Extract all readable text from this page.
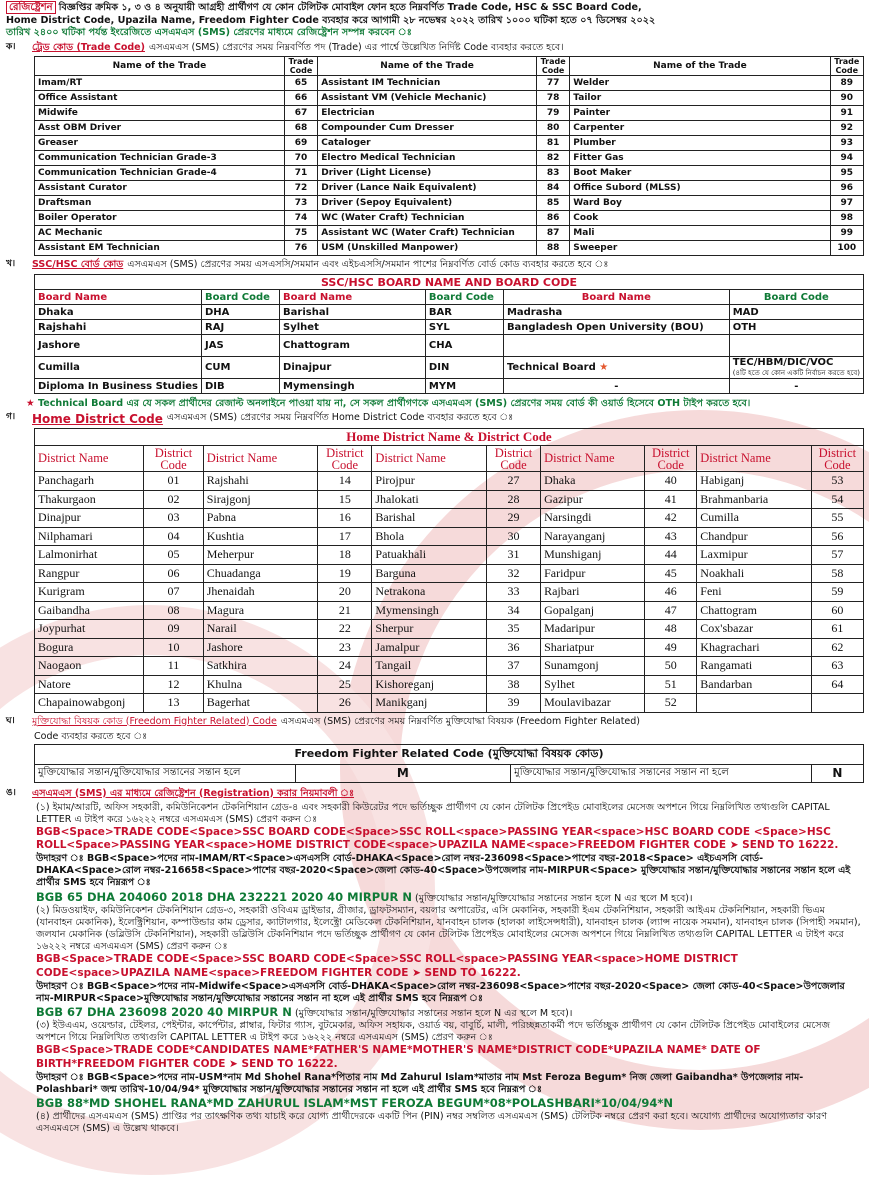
রেজিষ্ট্রেশন বিজ্ঞপ্তির ক্রমিক ১, ৩ ও ৪ অনুযায়ী আগ্রহী প্রার্থীগণ যে কোন টেলিটক মোবাইল ফোন হতে নিম্নবর্ণিত Trade Code, HSC & SSC Board Code,
Home District Code, Upazila Name, Freedom Fighter Code ব্যবহার করে আগামী ২৮ নভেম্বর ২০২২ তারিখ ১০০০ ঘটিকা হতে ০৭ ডিসেম্বর ২০২২
তারিখ ২৪০০ ঘটিকা পর্যন্ত ইংরেজিতে এসএমএস (SMS) প্রেরণের মাধ্যমে রেজিষ্ট্রেশন সম্পন্ন করবেন ঃ
ক।	ট্রেড কোড (Trade Code) এসএমএস (SMS) প্রেরণের সময় নিম্নবর্ণিত পদ (Trade) এর পার্শ্বে উল্লেখিত নির্দিষ্ট Code ব্যবহার করতে হবে।
Name of the Trade	Trade Code	Name of the Trade	Trade Code	Name of the Trade	Trade Code
Imam/RT	65	Assistant IM Technician	77	Welder	89
Office Assistant	66	Assistant VM (Vehicle Mechanic)	78	Tailor	90
Midwife	67	Electrician	79	Painter	91
Asst OBM Driver	68	Compounder Cum Dresser	80	Carpenter	92
Greaser	69	Cataloger	81	Plumber	93
Communication Technician Grade-3	70	Electro Medical Technician	82	Fitter Gas	94
Communication Technician Grade-4	71	Driver (Light License)	83	Boot Maker	95
Assistant Curator	72	Driver (Lance Naik Equivalent)	84	Office Subord (MLSS)	96
Draftsman	73	Driver (Sepoy Equivalent)	85	Ward Boy	97
Boiler Operator	74	WC (Water Craft) Technician	86	Cook	98
AC Mechanic	75	Assistant WC (Water Craft) Technician	87	Mali	99
Assistant EM Technician	76	USM (Unskilled Manpower)	88	Sweeper	100
খ।	SSC/HSC বোর্ড কোড এসএমএস (SMS) প্রেরণের সময় এসএসসি/সমমান এবং এইচএসসি/সমমান পাশের নিম্নবর্ণিত বোর্ড কোড ব্যবহার করতে হবে ঃ
SSC/HSC BOARD NAME AND BOARD CODE					
Board Name	Board Code	Board Name	Board Code	Board Name	Board Code
Dhaka	DHA	Barishal	BAR	Madrasha	MAD
Rajshahi	RAJ	Sylhet	SYL	Bangladesh Open University (BOU)	OTH
Jashore	JAS	Chattogram	CHA		
Cumilla	CUM	Dinajpur	DIN	Technical Board ★	TEC/HBM/DIC/VOC
(৪টি হতে যে কোন একটি নির্বাচন করতে হবে)

Diploma In Business Studies	DIB	Mymensingh	MYM	-	-
★ Technical Board এর যে সকল প্রার্থীদের রেজাল্ট অনলাইনে পাওয়া যায় না, সে সকল প্রার্থীগণকে এসএমএস (SMS) প্রেরণের সময় বোর্ড কী ওয়ার্ড হিসেবে OTH টাইপ করতে হবে।
গ।	Home District Code এসএমএস (SMS) প্রেরণের সময় নিম্নবর্ণিত Home District Code ব্যবহার করতে হবে ঃ
Home District Name & District Code									
District Name	District Code	District Name	District Code	District Name	District Code	District Name	District Code	District Name	District Code
Panchagarh	01	Rajshahi	14	Pirojpur	27	Dhaka	40	Habiganj	53
Thakurgaon	02	Sirajgonj	15	Jhalokati	28	Gazipur	41	Brahmanbaria	54
Dinajpur	03	Pabna	16	Barishal	29	Narsingdi	42	Cumilla	55
Nilphamari	04	Kushtia	17	Bhola	30	Narayanganj	43	Chandpur	56
Lalmonirhat	05	Meherpur	18	Patuakhali	31	Munshiganj	44	Laxmipur	57
Rangpur	06	Chuadanga	19	Barguna	32	Faridpur	45	Noakhali	58
Kurigram	07	Jhenaidah	20	Netrakona	33	Rajbari	46	Feni	59
Gaibandha	08	Magura	21	Mymensingh	34	Gopalganj	47	Chattogram	60
Joypurhat	09	Narail	22	Sherpur	35	Madaripur	48	Cox'sbazar	61
Bogura	10	Jashore	23	Jamalpur	36	Shariatpur	49	Khagrachari	62
Naogaon	11	Satkhira	24	Tangail	37	Sunamgonj	50	Rangamati	63
Natore	12	Khulna	25	Kishoreganj	38	Sylhet	51	Bandarban	64
Chapainowabgonj	13	Bagerhat	26	Manikganj	39	Moulavibazar	52		
ঘ।	মুক্তিযোদ্ধা বিষয়ক কোড (Freedom Fighter Related) Code এসএমএস (SMS) প্রেরণের সময় নিম্নবর্ণিত মুক্তিযোদ্ধা বিষয়ক (Freedom Fighter Related)
Code ব্যবহার করতে হবে ঃ
Freedom Fighter Related Code (মুক্তিযোদ্ধা বিষয়ক কোড)
মুক্তিযোদ্ধার সন্তান/মুক্তিযোদ্ধার সন্তানের সন্তান হলে	M	মুক্তিযোদ্ধার সন্তান/মুক্তিযোদ্ধার সন্তানের সন্তান না হলে	N
ঙ।	এসএমএস (SMS) এর মাধ্যমে রেজিষ্ট্রেশন (Registration) করার নিয়মাবলী ঃ
(১) ইমাম/আরটি, অফিস সহকারী, কমিউনিকেশন টেকনিশিয়ান গ্রেড-৪ এবং সহকারী কিউরেটর পদে ভর্তিচ্ছুক প্রার্থীগণ যে কোন টেলিটক প্রিপেইড মোবাইলের মেসেজ অপশনে গিয়ে নিম্নলিখিত তথ্যগুলি CAPITAL LETTER এ টাইপ করে ১৬২২২ নম্বরে এসএমএস (SMS) প্রেরণ করুন ঃ
BGB<Space>TRADE CODE<Space>SSC BOARD CODE<Space>SSC ROLL<space>PASSING YEAR<space>HSC BOARD CODE <Space>HSC ROLL<Space>PASSING YEAR<space>HOME DISTRICT CODE<space>UPAZILA NAME<space>FREEDOM FIGHTER CODE ➤ SEND TO 16222.
উদাহরণ ঃ BGB<Space>পদের নাম-IMAM/RT<Space>এসএসসি বোর্ড-DHAKA<Space>রোল নম্বর-236098<Space>পাশের বছর-2018<Space> এইচএসসি বোর্ড-DHAKA<Space>রোল নম্বর-216658<Space>পাশের বছর-2020<Space>জেলা কোড-40<Space>উপজেলার নাম-MIRPUR<Space> মুক্তিযোদ্ধার সন্তান/মুক্তিযোদ্ধার সন্তানের সন্তান হলে এই প্রার্থীর SMS হবে নিম্নরূপ ঃ
BGB 65 DHA 204060 2018 DHA 232221 2020 40 MIRPUR N (মুক্তিযোদ্ধার সন্তান/মুক্তিযোদ্ধার সন্তানের সন্তান হলে N এর স্থলে M হবে)।
(২) মিডওয়াইফ, কমিউনিকেশন টেকনিশিয়ান গ্রেড-৩, সহকারী ওবিএম ড্রাইভার, গ্রীজার, ড্রাফটসম্যান, বয়লার অপারেটর, এসি মেকানিক, সহকারী ইএম টেকনিশিয়ান, সহকারী আইএম টেকনিশিয়ান, সহকারী ভিএম (যানবাহন মেকানিক), ইলেক্ট্রিশিয়ান, কম্পাউন্ডার কাম ড্রেসার, ক্যাটালগার, ইলেক্ট্রো মেডিকেল টেকনিশিয়ান, যানবাহন চালক (হালকা লাইসেন্সধারী), যানবাহন চালক (ল্যান্স নায়েক সমমান), যানবাহন চালক (সিপাহী সমমান), জলযান মেকানিক (ডব্লিউসি টেকনিশিয়ান), সহকারী ডব্লিউসি টেকনিশিয়ান পদে ভর্তিচ্ছুক প্রার্থীগণ যে কোন টেলিটক প্রিপেইড মোবাইলের মেসেজ অপশনে গিয়ে নিম্নলিখিত তথ্যগুলি CAPITAL LETTER এ টাইপ করে ১৬২২২ নম্বরে এসএমএস (SMS) প্রেরণ করুন ঃ
BGB<Space>TRADE CODE<Space>SSC BOARD CODE<Space>SSC ROLL<space>PASSING YEAR<space>HOME DISTRICT CODE<space>UPAZILA NAME<space>FREEDOM FIGHTER CODE ➤ SEND TO 16222.
উদাহরণ ঃ BGB<Space>পদের নাম-Midwife<Space>এসএসসি বোর্ড-DHAKA<Space>রোল নম্বর-236098<Space>পাশের বছর-2020<Space> জেলা কোড-40<Space>উপজেলার নাম-MIRPUR<Space>মুক্তিযোদ্ধার সন্তান/মুক্তিযোদ্ধার সন্তানের সন্তান না হলে এই প্রার্থীর SMS হবে নিম্নরূপ ঃ
BGB 67 DHA 236098 2020 40 MIRPUR N (মুক্তিযোদ্ধার সন্তান/মুক্তিযোদ্ধার সন্তানের সন্তান হলে N এর স্থলে M হবে)।
(৩) ইউএএম, ওয়েল্ডার, টেইলর, পেইন্টার, কার্পেন্টার, প্লাম্বার, ফিটার গ্যাস, বুটমেকার, অফিস সহায়ক, ওয়ার্ড বয়, বাবুর্চি, মালী, পরিচ্ছন্নতাকর্মী পদে ভর্তিচ্ছুক প্রার্থীগণ যে কোন টেলিটক প্রিপেইড মোবাইলের মেসেজ অপশনে গিয়ে নিম্নলিখিত তথ্যগুলি CAPITAL LETTER এ টাইপ করে ১৬২২২ নম্বরে এসএমএস (SMS) প্রেরণ করুন ঃ
BGB<Space>TRADE CODE*CANDIDATES NAME*FATHER'S NAME*MOTHER'S NAME*DISTRICT CODE*UPAZILA NAME* DATE OF BIRTH*FREEDOM FIGHTER CODE ➤ SEND TO 16222.
উদাহরণ ঃ BGB<Space>পদের নাম-USM*নাম Md Shohel Rana*পিতার নাম Md Zahurul Islam*মাতার নাম Mst Feroza Begum* নিজ জেলা Gaibandha* উপজেলার নাম-Polashbari* জন্ম তারিখ-10/04/94* মুক্তিযোদ্ধার সন্তান/মুক্তিযোদ্ধার সন্তানের সন্তান না হলে এই প্রার্থীর SMS হবে নিম্নরূপ ঃ
BGB 88*MD SHOHEL RANA*MD ZAHURUL ISLAM*MST FEROZA BEGUM*08*POLASHBARI*10/04/94*N
(৪) প্রার্থীদের এসএমএস (SMS) প্রাপ্তির পর তাৎক্ষণিক তথ্য যাচাই করে যোগ্য প্রার্থীদেরকে একটি পিন (PIN) নম্বর সম্বলিত এসএমএস (SMS) টেলিটক নম্বরে প্রেরণ করা হবে। অযোগ্য প্রার্থীদের অযোগ্যতার কারণ এসএমএসে (SMS) এ উল্লেখ থাকবে।
